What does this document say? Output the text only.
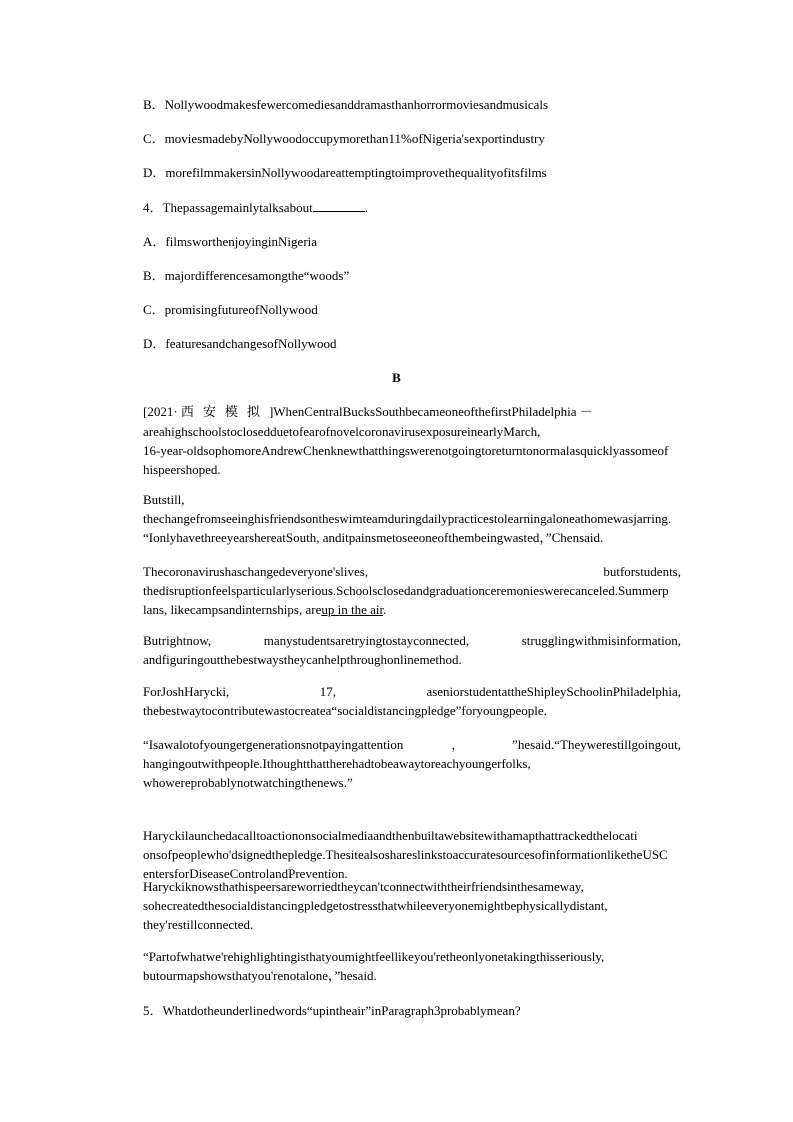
B．Nollywoodmakesfewercomediesanddramasthanhorrormoviesandmusicals
C．moviesmadebyNollywoodoccupymorethan11%ofNigeria'sexportindustry
D．morefilmmakersinNollywoodareattemptingtoimprovethequalityofitsfilms
4．Thepassagemainlytalksabout	.
A．filmsworthenjoyinginNigeria
B．majordifferencesamongthe“woods”
C．promisingfutureofNollywood
D．featuresandchangesofNollywood
B
[2021· 西安模拟]WhenCentralBucksSouthbecameoneofthefirstPhiladelphia －
areahighschoolstoclosedduetofearofnovelcoronavirusexposureinearlyMarch,
16-year-oldsophomoreAndrewChenknewthatthingswerenotgoingtoreturntonormalasquicklyassomeof
hispeershoped.
Butstill,
thechangefromseeinghisfriendsontheswimteamduringdailypracticestolearningaloneathomewasjarring.
“IonlyhavethreeyearshereatSouth, anditpainsmetoseeoneofthembeingwasted，”Chensaid.
Thecoronavirushaschangedeveryone'slives,	butforstudents,
thedisruptionfeelsparticularlyserious.Schoolsclosedandgraduationceremonieswerecanceled.Summerp
lans, likecampsandinternships, areup in the air.
Butrightnow,	manystudentsaretryingtostayconnected,	strugglingwithmisinformation,
andfiguringoutthebestwaystheycanhelpthroughonlinemethod.
ForJoshHarycki,	17,	aseniorstudentattheShipleySchoolinPhiladelphia,
thebestwaytocontributewastocreatea“socialdistancingpledge”foryoungpeople.
“Isawalotofyoungergenerationsnotpayingattention	，	”hesaid.“Theywerestillgoingout,
hangingoutwithpeople.Ithoughtthattherehadtobeawaytoreachyoungerfolks,
whowereprobablynotwatchingthenews.”
Haryckilaunchedacalltoactiononsocialmediaandthenbuiltawebsitewithamapthattrackedthelocati
onsofpeoplewho'dsignedthepledge.ThesitealsoshareslinkstoaccuratesourcesofinformationliketheUSC
entersforDiseaseControlandPrevention.
Haryckiknowsthathispeersareworriedtheycan'tconnectwiththeirfriendsinthesameway,
sohecreatedthesocialdistancingpledgetostressthatwhileeveryonemightbephysicallydistant,
they'restillconnected.
“Partofwhatwe'rehighlightingisthatyoumightfeellikeyou'retheonlyonetakingthisseriously,
butourmapshowsthatyou'renotalone，”hesaid.
5．Whatdotheunderlinedwords“upintheair”inParagraph3probablymean?
